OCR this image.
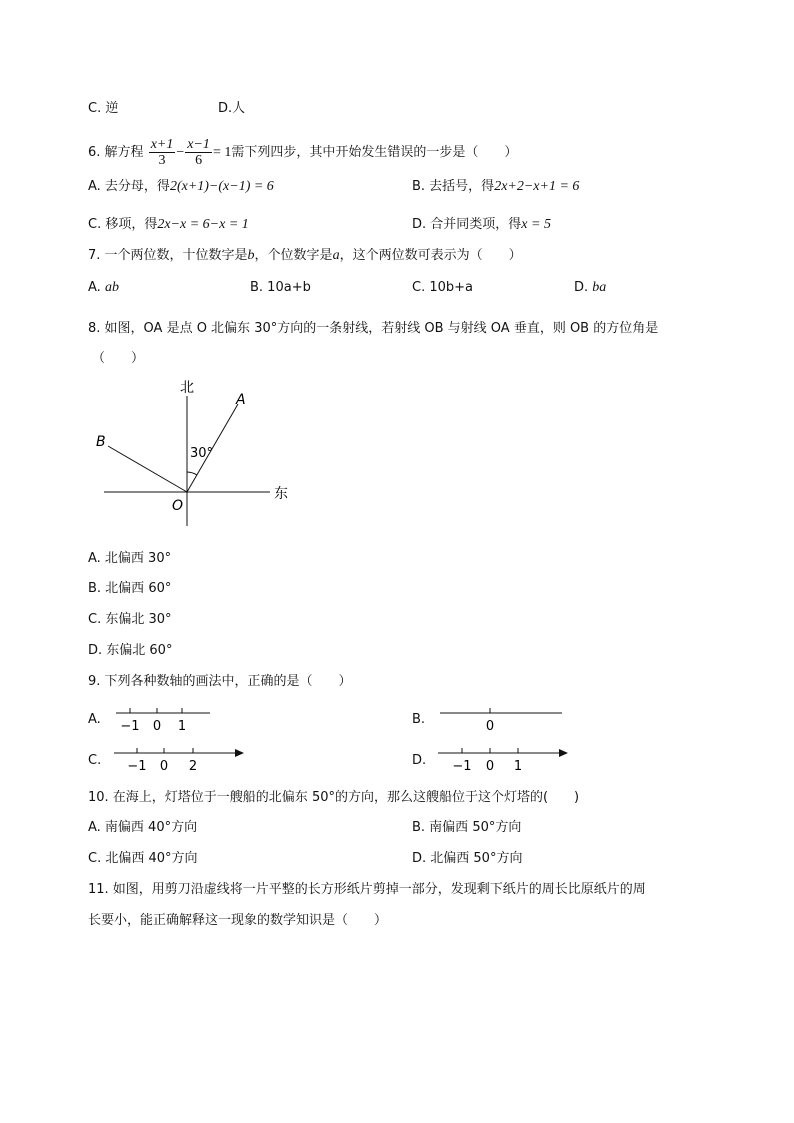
C. 逆	D.人
6. 解方程 $\frac{x+1}{3} - \frac{x-1}{6} = 1$需下列四步，其中开始发生错误的一步是（　　）
A. 去分母，得2(x+1)−(x−1) = 6	B. 去括号，得2x+2−x+1 = 6
C. 移项，得2x−x = 6−x = 1	D. 合并同类项，得x = 5
7. 一个两位数，十位数字是b，个位数字是a，这个两位数可表示为（　　）
A. ab	B. 10a+b	C. 10b+a	D. ba
8. 如图，OA 是点 O 北偏东 30°方向的一条射线，若射线 OB 与射线 OA 垂直，则 OB 的方位角是
（　　）
北
东
A
B
O
30°
A. 北偏西 30°
B. 北偏西 60°
C. 东偏北 30°
D. 东偏北 60°
9. 下列各种数轴的画法中，正确的是（　　）
A. −1 0 1	B.	0
C. −1 0 2	D. −1 0 1
10. 在海上，灯塔位于一艘船的北偏东 50°的方向，那么这艘船位于这个灯塔的(　　)
A. 南偏西 40°方向	B. 南偏西 50°方向
C. 北偏西 40°方向	D. 北偏西 50°方向
11. 如图，用剪刀沿虚线将一片平整的长方形纸片剪掉一部分，发现剩下纸片的周长比原纸片的周
长要小，能正确解释这一现象的数学知识是（　　）
